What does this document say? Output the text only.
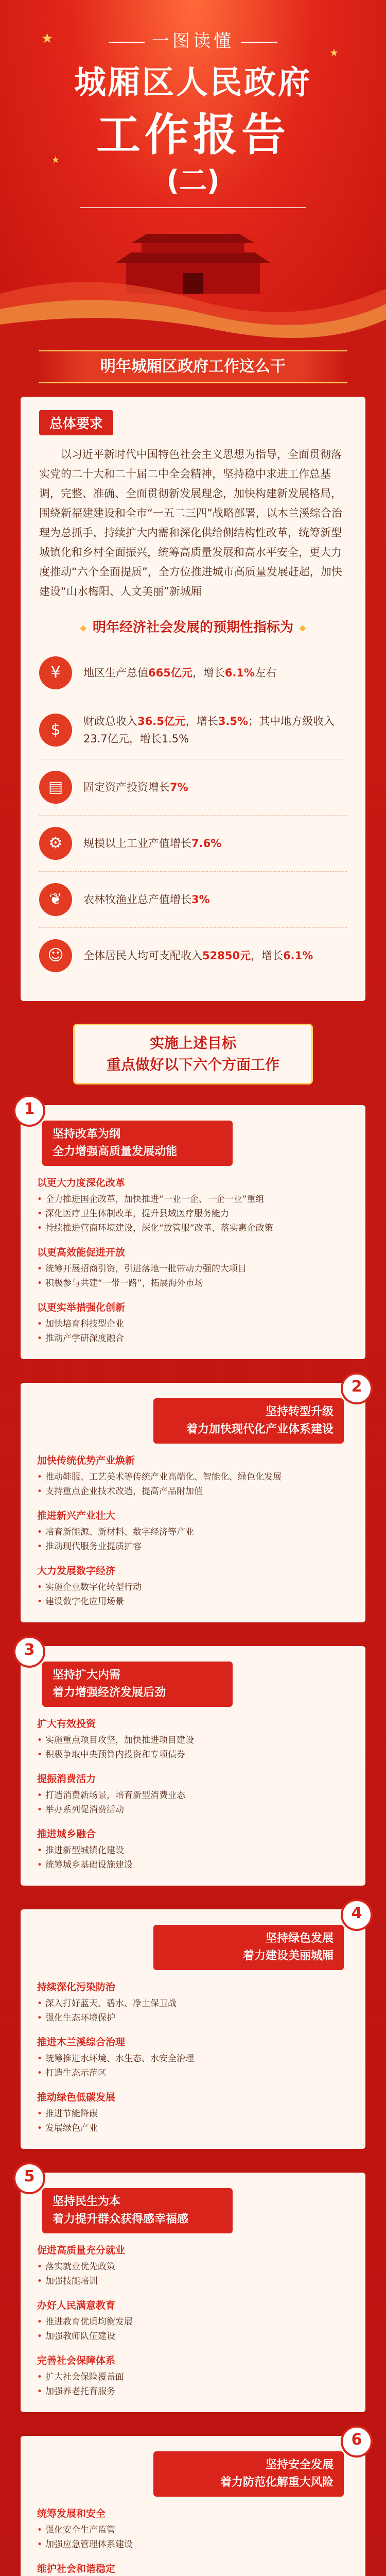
★
★
★
一图读懂
城厢区人民政府
工作报告
(二)
明年城厢区政府工作这么干
总体要求

以习近平新时代中国特色社会主义思想为指导，全面贯彻落实党的二十大和二十届二中全会精神，坚持稳中求进工作总基调，完整、准确、全面贯彻新发展理念，加快构建新发展格局，围绕新福建建设和全市“一五二三四”战略部署，以木兰溪综合治理为总抓手，持续扩大内需和深化供给侧结构性改革，统筹新型城镇化和乡村全面振兴，统筹高质量发展和高水平安全，更大力度推动“六个全面提质”，全方位推进城市高质量发展赶超，加快建设“山水梅阳、人文美丽”新城厢

◆ 明年经济社会发展的预期性指标为 ◆
¥	地区生产总值665亿元，增长6.1%左右
$	财政总收入36.5亿元，增长3.5%；其中地方级收入23.7亿元，增长1.5%
▤	固定资产投资增长7%
⚙	规模以上工业产值增长7.6%
❦	农林牧渔业总产值增长3%
☺	全体居民人均可支配收入52850元，增长6.1%
实施上述目标
重点做好以下六个方面工作
1
坚持改革为纲
全力增强高质量发展动能
以更大力度深化改革
• 全力推进国企改革，加快推进“一业一企、一企一业”重组
• 深化医疗卫生体制改革，提升县域医疗服务能力
• 持续推进营商环境建设，深化“放管服”改革，落实惠企政策
以更高效能促进开放
• 统筹开展招商引资，引进落地一批带动力强的大项目
• 积极参与共建“一带一路”，拓展海外市场
以更实举措强化创新
• 加快培育科技型企业
• 推动产学研深度融合
2
坚持转型升级
着力加快现代化产业体系建设
加快传统优势产业焕新
• 推动鞋服、工艺美术等传统产业高端化、智能化、绿色化发展
• 支持重点企业技术改造，提高产品附加值
推进新兴产业壮大
• 培育新能源、新材料、数字经济等产业
• 推动现代服务业提质扩容
大力发展数字经济
• 实施企业数字化转型行动
• 建设数字化应用场景
3
坚持扩大内需
着力增强经济发展后劲
扩大有效投资
• 实施重点项目攻坚，加快推进项目建设
• 积极争取中央预算内投资和专项债券
提振消费活力
• 打造消费新场景，培育新型消费业态
• 举办系列促消费活动
推进城乡融合
• 推进新型城镇化建设
• 统筹城乡基础设施建设
4
坚持绿色发展
着力建设美丽城厢
持续深化污染防治
• 深入打好蓝天、碧水、净土保卫战
• 强化生态环境保护
推进木兰溪综合治理
• 统筹推进水环境、水生态、水安全治理
• 打造生态示范区
推动绿色低碳发展
• 推进节能降碳
• 发展绿色产业
5
坚持民生为本
着力提升群众获得感幸福感
促进高质量充分就业
• 落实就业优先政策
• 加强技能培训
办好人民满意教育
• 推进教育优质均衡发展
• 加强教师队伍建设
完善社会保障体系
• 扩大社会保险覆盖面
• 加强养老托育服务
6
坚持安全发展
着力防范化解重大风险
统筹发展和安全
• 强化安全生产监管
• 加强应急管理体系建设
维护社会和谐稳定
